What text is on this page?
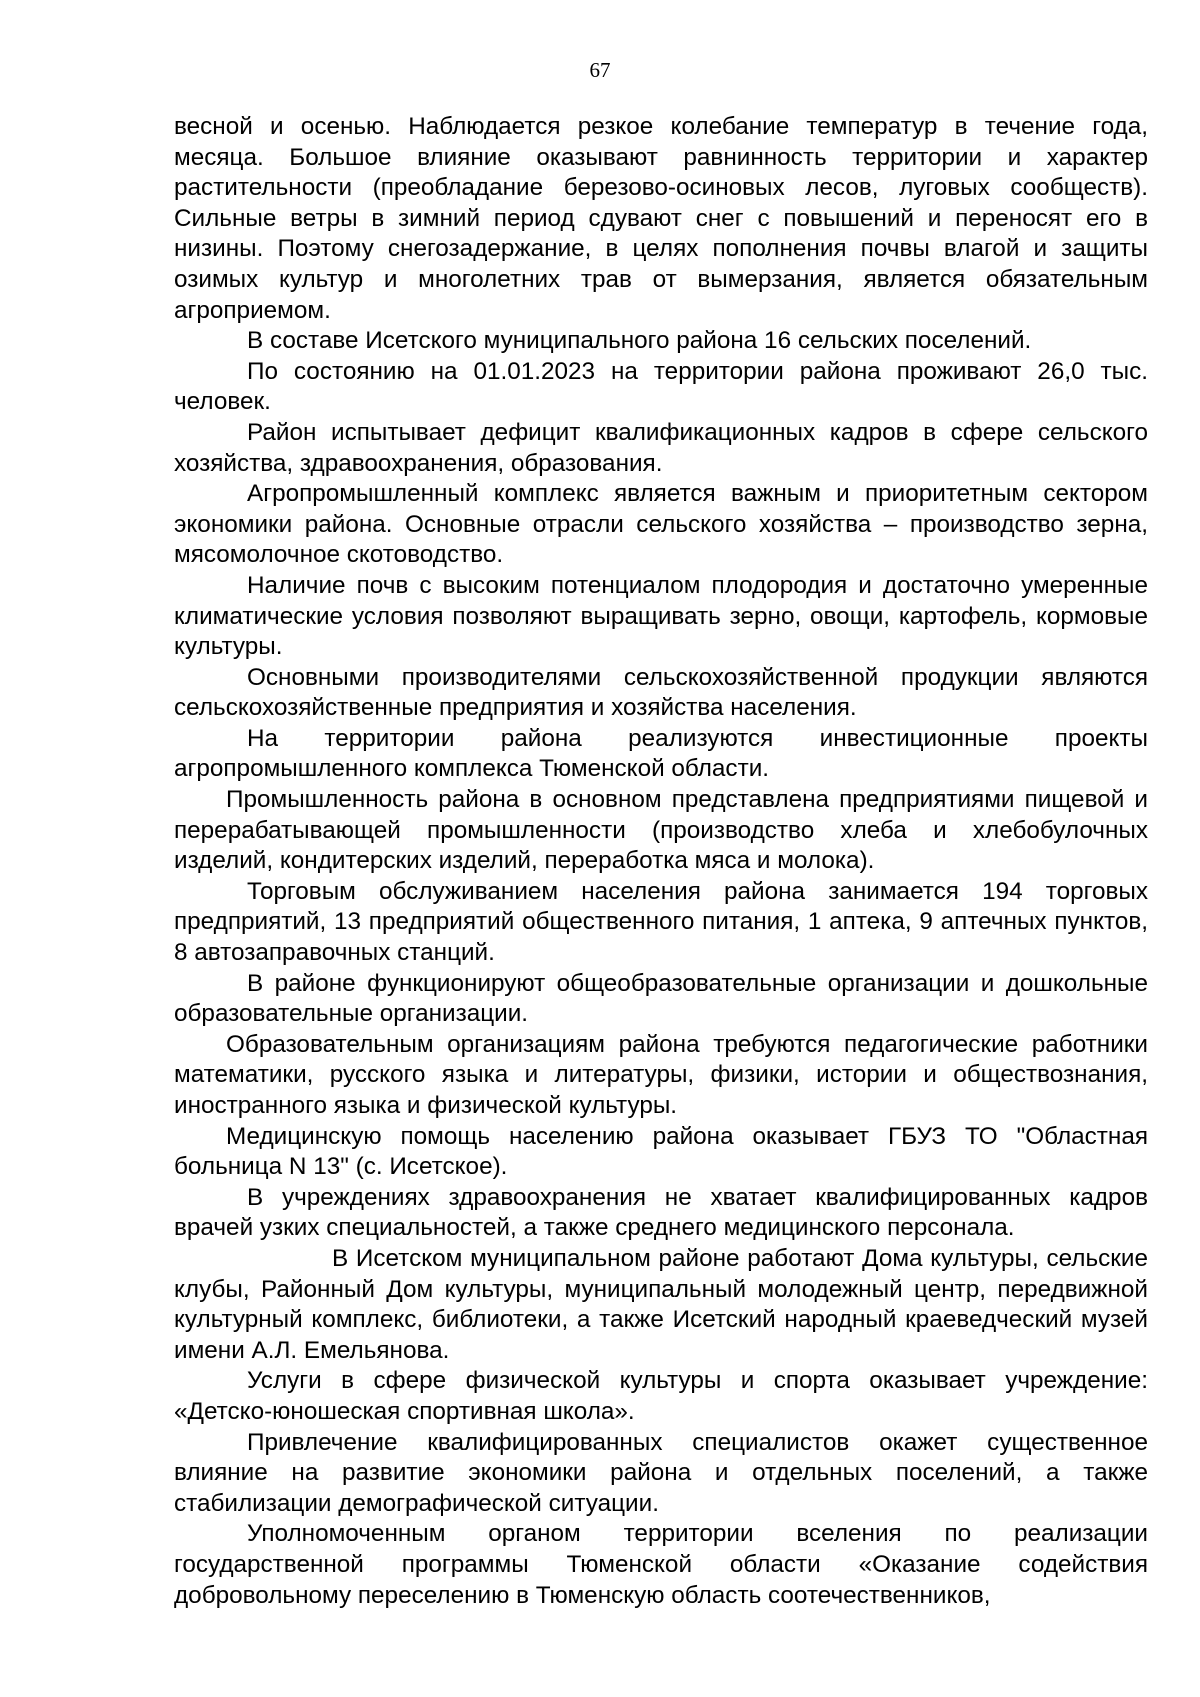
67

весной и осенью. Наблюдается резкое колебание температур в течение года, месяца. Большое влияние оказывают равнинность территории и характер растительности (преобладание березово-осиновых лесов, луговых сообществ). Сильные ветры в зимний период сдувают снег с повышений и переносят его в низины. Поэтому снегозадержание, в целях пополнения почвы влагой и защиты озимых культур и многолетних трав от вымерзания, является обязательным агроприемом.

В составе Исетского муниципального района 16 сельских поселений.

По состоянию на 01.01.2023 на территории района проживают 26,0 тыс. человек.

Район испытывает дефицит квалификационных кадров в сфере сельского хозяйства, здравоохранения, образования.

Агропромышленный комплекс является важным и приоритетным сектором экономики района. Основные отрасли сельского хозяйства – производство зерна, мясомолочное скотоводство.

Наличие почв с высоким потенциалом плодородия и достаточно умеренные климатические условия позволяют выращивать зерно, овощи, картофель, кормовые культуры.

Основными производителями сельскохозяйственной продукции являются сельскохозяйственные предприятия и хозяйства населения.

На территории района реализуются инвестиционные проекты агропромышленного комплекса Тюменской области.

Промышленность района в основном представлена предприятиями пищевой и перерабатывающей промышленности (производство хлеба и хлебобулочных изделий, кондитерских изделий, переработка мяса и молока).

Торговым обслуживанием населения района занимается 194 торговых предприятий, 13 предприятий общественного питания, 1 аптека, 9 аптечных пунктов, 8 автозаправочных станций.

В районе функционируют общеобразовательные организации и дошкольные образовательные организации.

Образовательным организациям района требуются педагогические работники математики, русского языка и литературы, физики, истории и обществознания, иностранного языка и физической культуры.

Медицинскую помощь населению района оказывает ГБУЗ ТО "Областная больница N 13" (с. Исетское).

В учреждениях здравоохранения не хватает квалифицированных кадров врачей узких специальностей, а также среднего медицинского персонала.

В Исетском муниципальном районе работают Дома культуры, сельские клубы, Районный Дом культуры, муниципальный молодежный центр, передвижной культурный комплекс, библиотеки, а также Исетский народный краеведческий музей имени А.Л. Емельянова.

Услуги в сфере физической культуры и спорта оказывает учреждение: «Детско-юношеская спортивная школа».

Привлечение квалифицированных специалистов окажет существенное влияние на развитие экономики района и отдельных поселений, а также стабилизации демографической ситуации.

Уполномоченным органом территории вселения по реализации государственной программы Тюменской области «Оказание содействия добровольному переселению в Тюменскую область соотечественников,
